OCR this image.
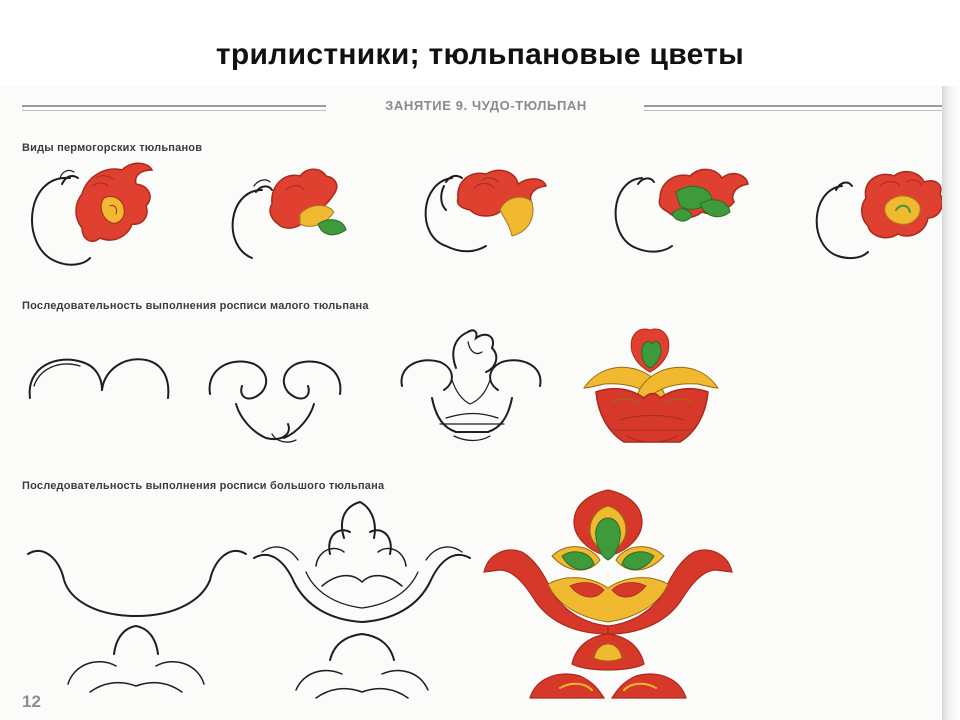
трилистники; тюльпановые цветы
ЗАНЯТИЕ 9. ЧУДО-ТЮЛЬПАН
Виды пермогорских тюльпанов
Последовательность выполнения росписи малого тюльпана
Последовательность выполнения росписи большого тюльпана
12
